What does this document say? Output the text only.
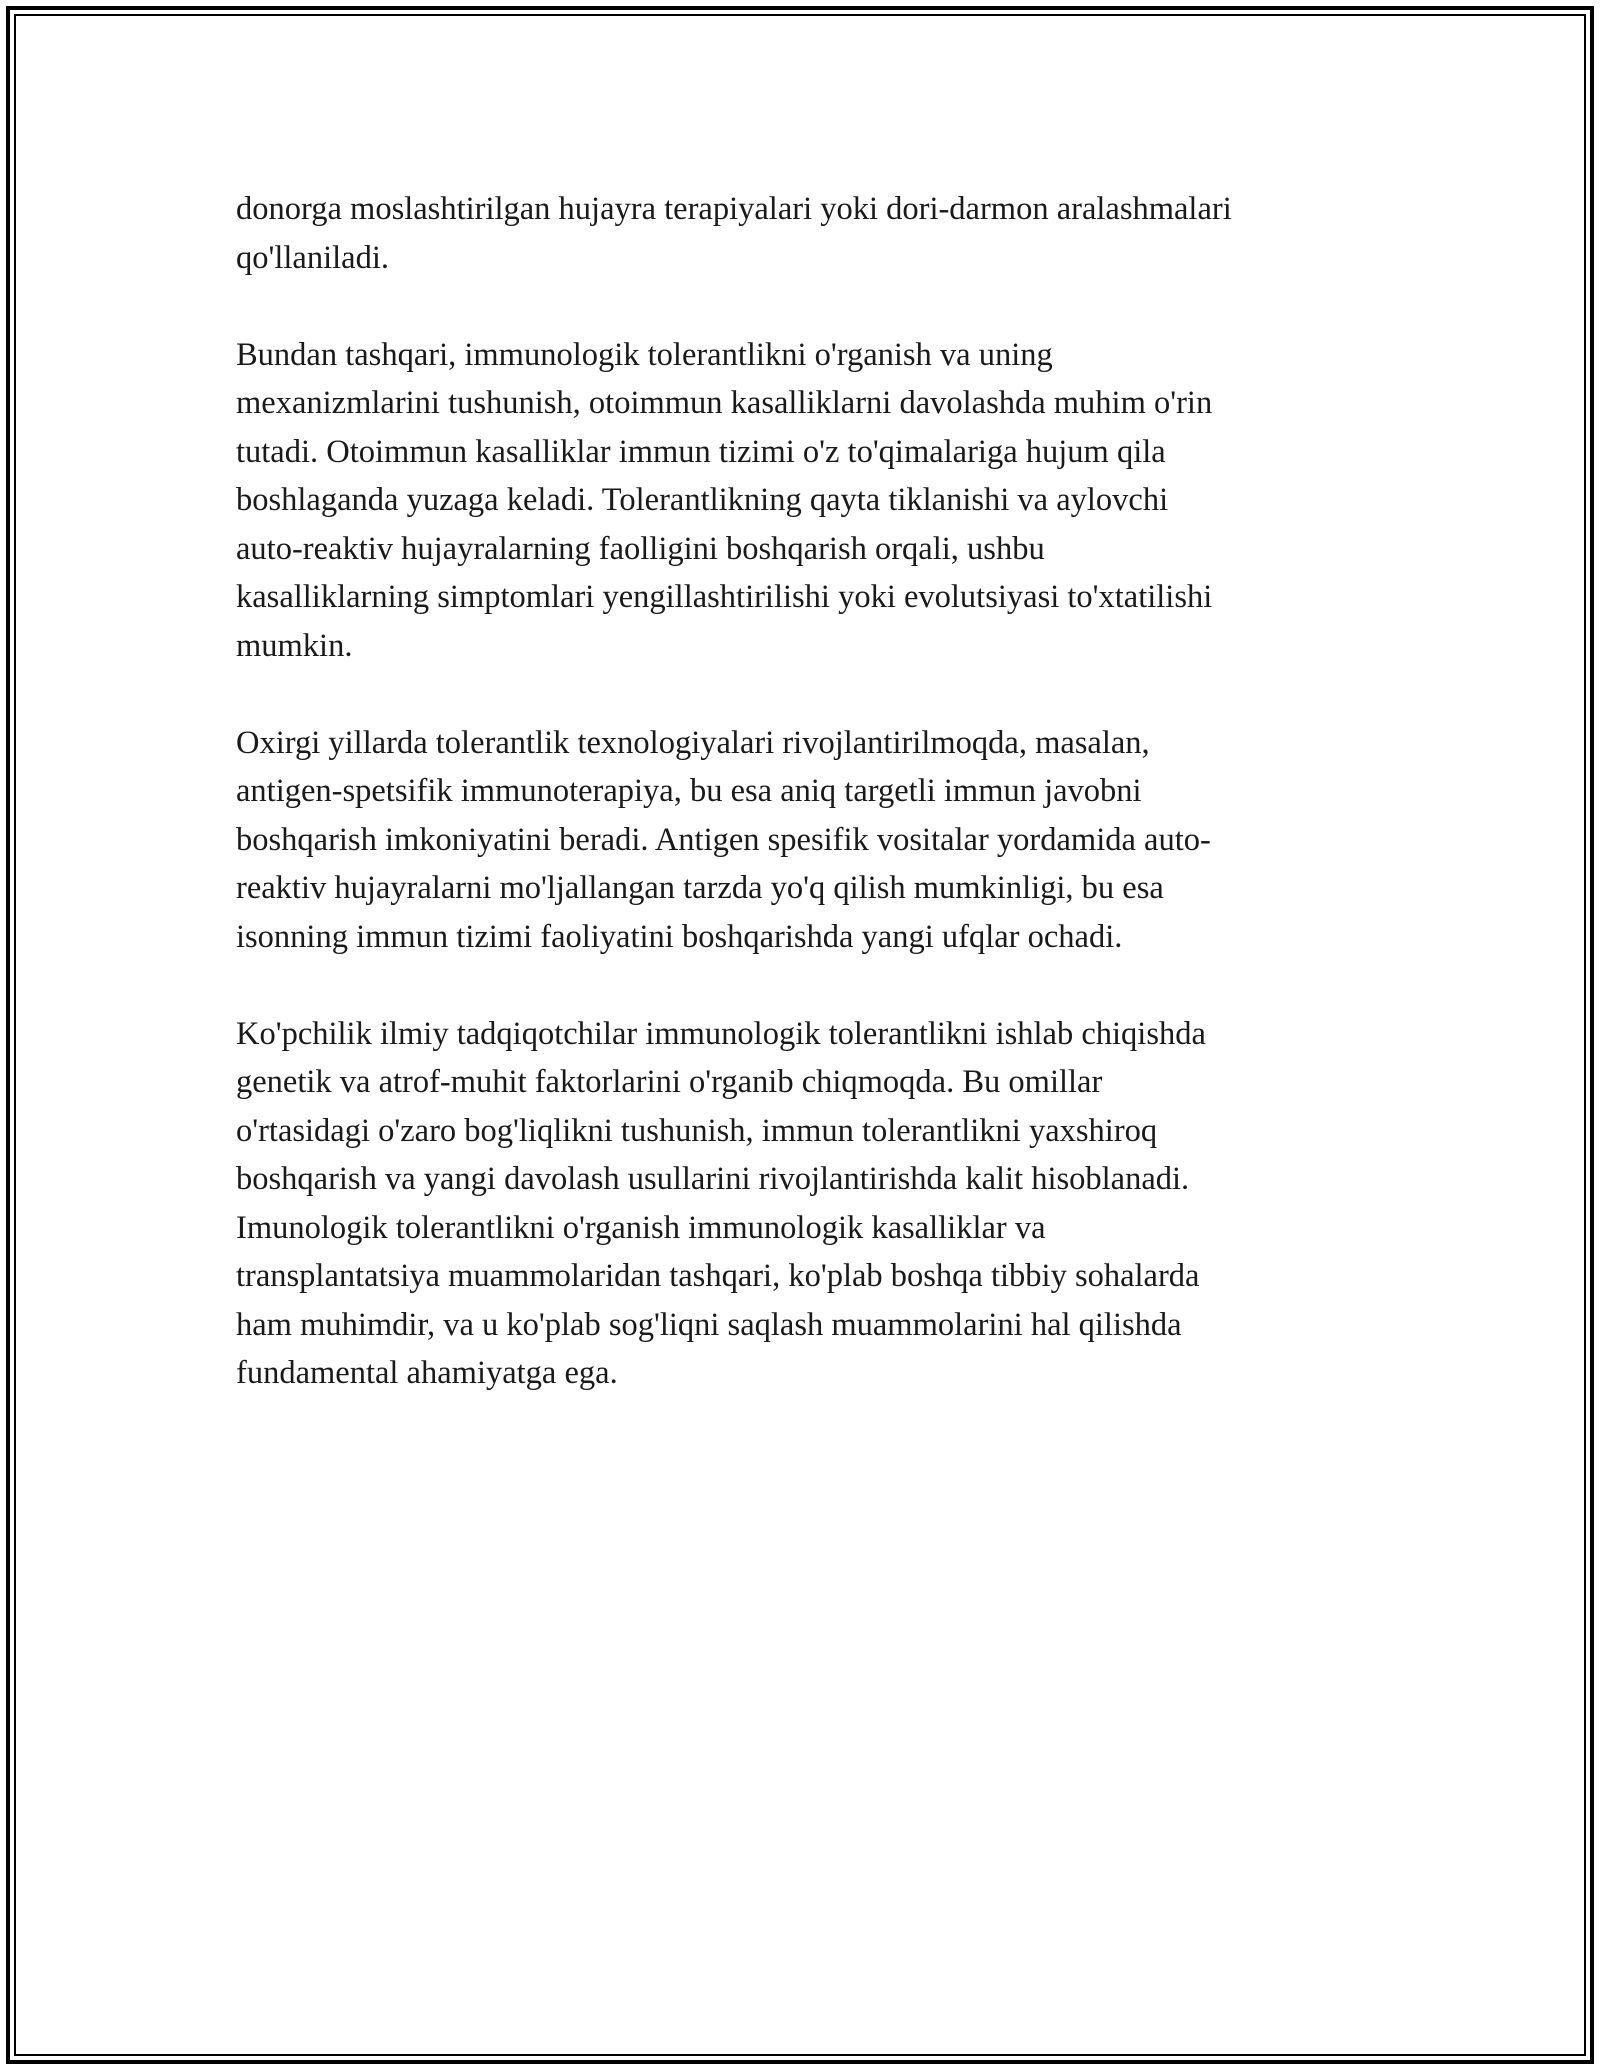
donorga moslashtirilgan hujayra terapiyalari yoki dori-darmon aralashmalari
qo'llaniladi.

Bundan tashqari, immunologik tolerantlikni o'rganish va uning
mexanizmlarini tushunish, otoimmun kasalliklarni davolashda muhim o'rin
tutadi. Otoimmun kasalliklar immun tizimi o'z to'qimalariga hujum qila
boshlaganda yuzaga keladi. Tolerantlikning qayta tiklanishi va aylovchi
auto-reaktiv hujayralarning faolligini boshqarish orqali, ushbu
kasalliklarning simptomlari yengillashtirilishi yoki evolutsiyasi to'xtatilishi
mumkin.

Oxirgi yillarda tolerantlik texnologiyalari rivojlantirilmoqda, masalan,
antigen-spetsifik immunoterapiya, bu esa aniq targetli immun javobni
boshqarish imkoniyatini beradi. Antigen spesifik vositalar yordamida auto-
reaktiv hujayralarni mo'ljallangan tarzda yo'q qilish mumkinligi, bu esa
isonning immun tizimi faoliyatini boshqarishda yangi ufqlar ochadi.

Ko'pchilik ilmiy tadqiqotchilar immunologik tolerantlikni ishlab chiqishda
genetik va atrof-muhit faktorlarini o'rganib chiqmoqda. Bu omillar
o'rtasidagi o'zaro bog'liqlikni tushunish, immun tolerantlikni yaxshiroq
boshqarish va yangi davolash usullarini rivojlantirishda kalit hisoblanadi.
Imunologik tolerantlikni o'rganish immunologik kasalliklar va
transplantatsiya muammolaridan tashqari, ko'plab boshqa tibbiy sohalarda
ham muhimdir, va u ko'plab sog'liqni saqlash muammolarini hal qilishda
fundamental ahamiyatga ega.
